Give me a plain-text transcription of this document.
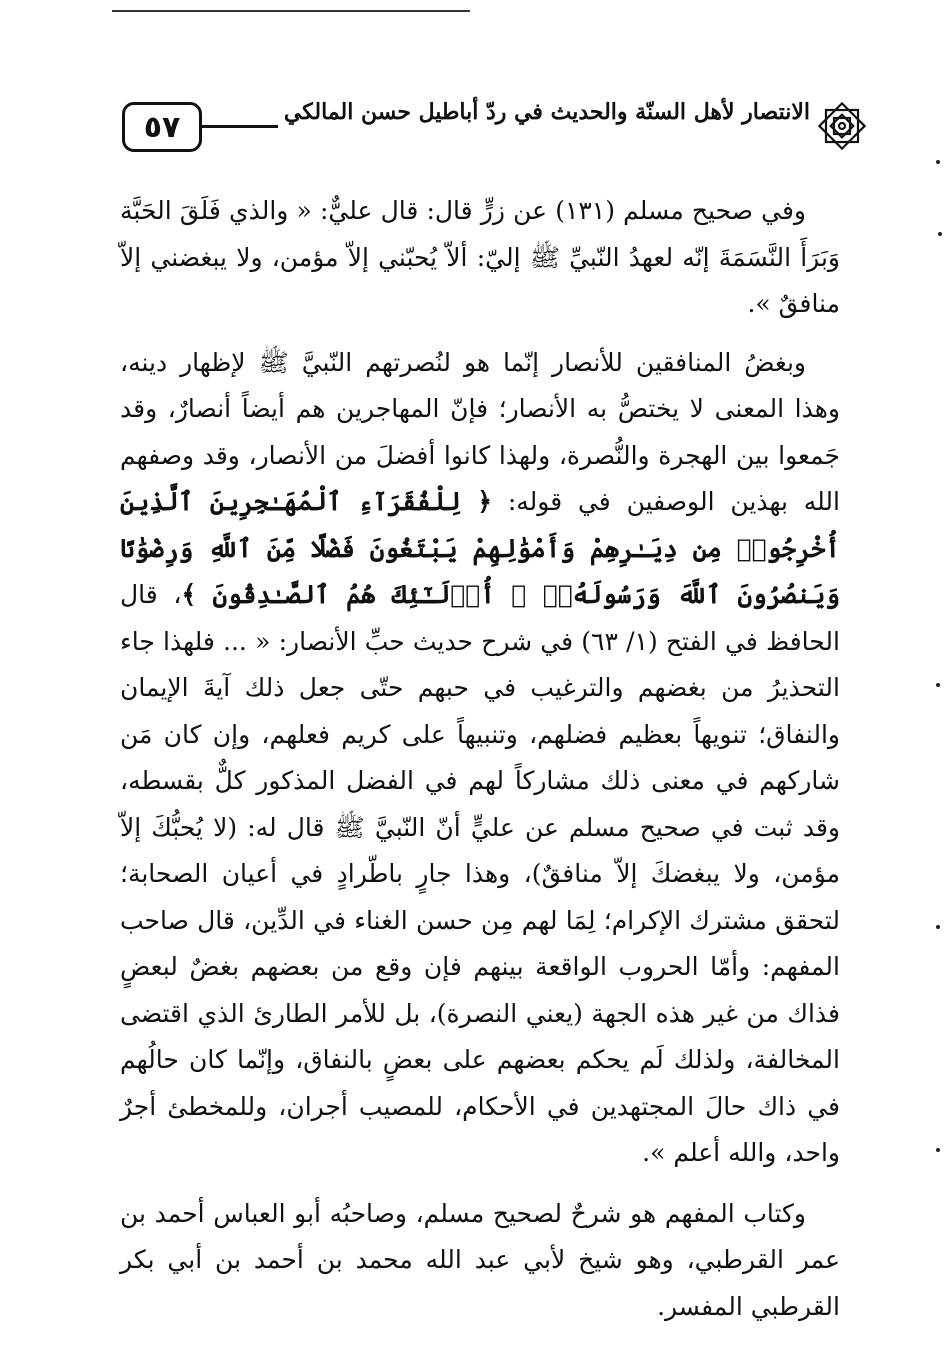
٥٧	الانتصار لأهل السنّة والحديث في ردّ أباطيل حسن المالكي

وفي صحيح مسلم (١٣١) عن زرٍّ قال: قال عليٌّ: « والذي فَلَقَ الحَبَّة وَبَرَأَ النَّسَمَةَ إنّه لعهدُ النّبيِّ ﷺ إليّ: ألاّ يُحبّني إلاّ مؤمن، ولا يبغضني إلاّ منافقٌ ».

وبغضُ المنافقين للأنصار إنّما هو لنُصرتهم النّبيَّ ﷺ لإظهار دينه، وهذا المعنى لا يختصُّ به الأنصار؛ فإنّ المهاجرين هم أيضاً أنصارٌ، وقد جَمعوا بين الهجرة والنُّصرة، ولهذا كانوا أفضلَ من الأنصار، وقد وصفهم الله بهذين الوصفين في قوله: ﴿ لِلْفُقَرَآءِ ٱلْمُهَـٰجِرِينَ ٱلَّذِينَ أُخْرِجُوا۟ مِن دِيَـٰرِهِمْ وَأَمْوَٰلِهِمْ يَبْتَغُونَ فَضْلًا مِّنَ ٱللَّهِ وَرِضْوَٰنًا وَيَنصُرُونَ ٱللَّهَ وَرَسُولَهُۥٓ ۚ أُو۟لَـٰٓئِكَ هُمُ ٱلصَّـٰدِقُونَ ﴾، قال الحافظ في الفتح (١/ ٦٣) في شرح حديث حبِّ الأنصار: « ... فلهذا جاء التحذيرُ من بغضهم والترغيب في حبهم حتّى جعل ذلك آيةَ الإيمان والنفاق؛ تنويهاً بعظيم فضلهم، وتنبيهاً على كريم فعلهم، وإن كان مَن شاركهم في معنى ذلك مشاركاً لهم في الفضل المذكور كلٌّ بقسطه، وقد ثبت في صحيح مسلم عن عليٍّ أنّ النّبيَّ ﷺ قال له: (لا يُحبُّكَ إلاّ مؤمن، ولا يبغضكَ إلاّ منافقٌ)، وهذا جارٍ باطّرادٍ في أعيان الصحابة؛ لتحقق مشترك الإكرام؛ لِمَا لهم مِن حسن الغناء في الدِّين، قال صاحب المفهم: وأمّا الحروب الواقعة بينهم فإن وقع من بعضهم بغضٌ لبعضٍ فذاك من غير هذه الجهة (يعني النصرة)، بل للأمر الطارئ الذي اقتضى المخالفة، ولذلك لَم يحكم بعضهم على بعضٍ بالنفاق، وإنّما كان حالُهم في ذاك حالَ المجتهدين في الأحكام، للمصيب أجران، وللمخطئ أجرٌ واحد، والله أعلم ».

وكتاب المفهم هو شرحٌ لصحيح مسلم، وصاحبُه أبو العباس أحمد بن عمر القرطبي، وهو شيخ لأبي عبد الله محمد بن أحمد بن أبي بكر القرطبي المفسر.
